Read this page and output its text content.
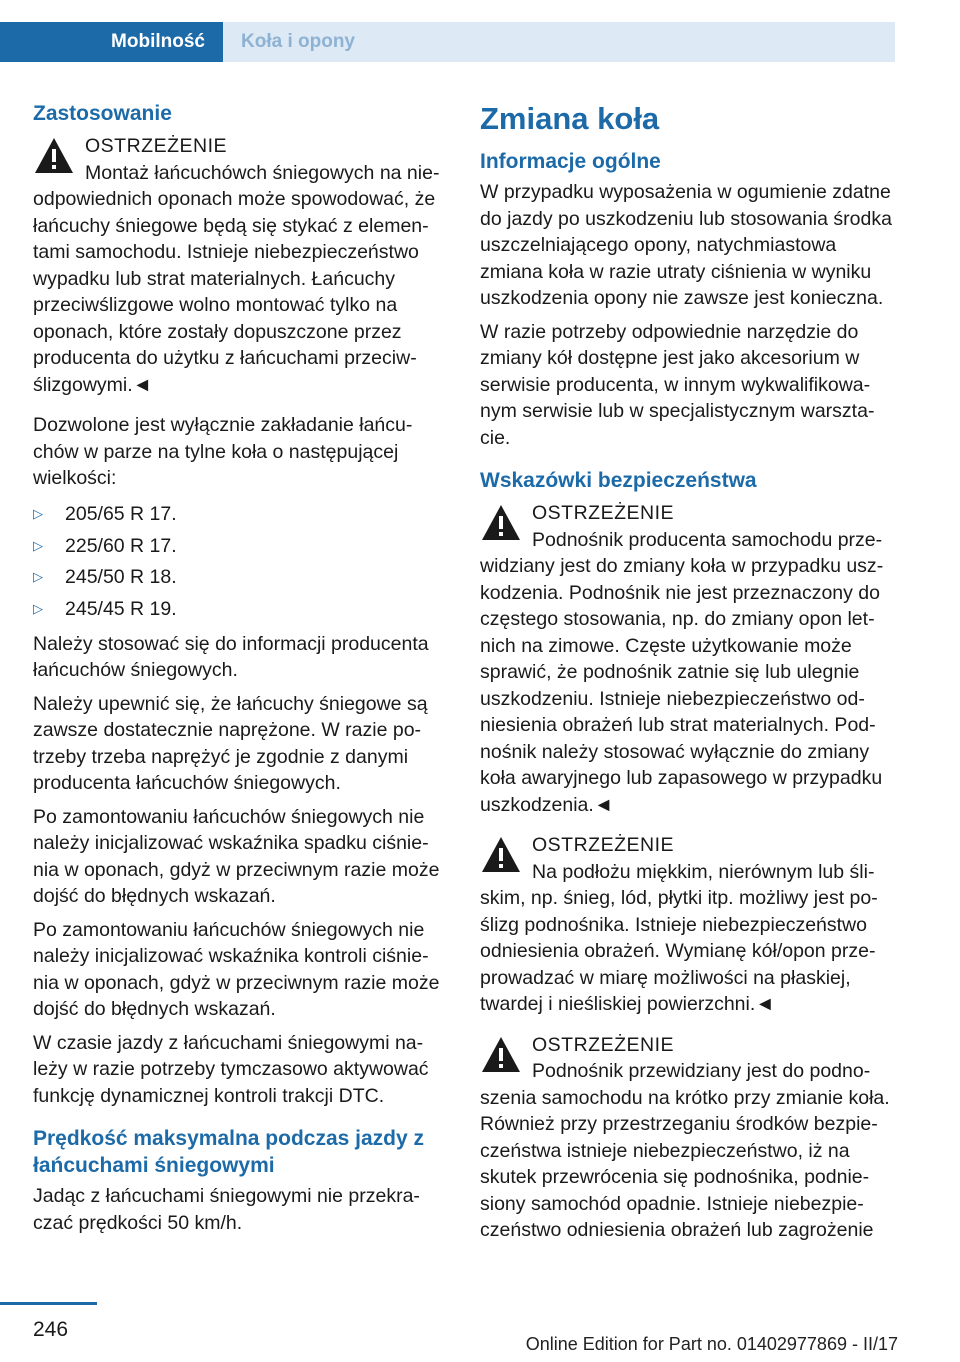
Mobilność	Koła i opony
Zastosowanie
OSTRZEŻENIE
Montaż łańcuchówch śniegowych na nieodpowiednich oponach może spowodować, że łańcuchy śniegowe będą się stykać z elementami samochodu. Istnieje niebezpieczeństwo wypadku lub strat materialnych. Łańcuchy przeciwślizgowe wolno montować tylko na oponach, które zostały dopuszczone przez producenta do użytku z łańcuchami przeciwślizgowymi.◄

Dozwolone jest wyłącznie zakładanie łańcuchów w parze na tylne koła o następującej wielkości:

▷	205/65 R 17.
▷	225/60 R 17.
▷	245/50 R 18.
▷	245/45 R 19.

Należy stosować się do informacji producenta łańcuchów śniegowych.

Należy upewnić się, że łańcuchy śniegowe są zawsze dostatecznie naprężone. W razie potrzeby trzeba naprężyć je zgodnie z danymi producenta łańcuchów śniegowych.

Po zamontowaniu łańcuchów śniegowych nie należy inicjalizować wskaźnika spadku ciśnienia w oponach, gdyż w przeciwnym razie może dojść do błędnych wskazań.

Po zamontowaniu łańcuchów śniegowych nie należy inicjalizować wskaźnika kontroli ciśnienia w oponach, gdyż w przeciwnym razie może dojść do błędnych wskazań.

W czasie jazdy z łańcuchami śniegowymi należy w razie potrzeby tymczasowo aktywować funkcję dynamicznej kontroli trakcji DTC.

Prędkość maksymalna podczas jazdy z łańcuchami śniegowymi

Jadąc z łańcuchami śniegowymi nie przekraczać prędkości 50 km/h.

Zmiana koła
Informacje ogólne

W przypadku wyposażenia w ogumienie zdatne do jazdy po uszkodzeniu lub stosowania środka uszczelniającego opony, natychmiastowa zmiana koła w razie utraty ciśnienia w wyniku uszkodzenia opony nie zawsze jest konieczna.

W razie potrzeby odpowiednie narzędzie do zmiany kół dostępne jest jako akcesorium w serwisie producenta, w innym wykwalifikowanym serwisie lub w specjalistycznym warsztacie.

Wskazówki bezpieczeństwa
OSTRZEŻENIE
Podnośnik producenta samochodu przewidziany jest do zmiany koła w przypadku uszkodzenia. Podnośnik nie jest przeznaczony do częstego stosowania, np. do zmiany opon letnich na zimowe. Częste użytkowanie może sprawić, że podnośnik zatnie się lub ulegnie uszkodzeniu. Istnieje niebezpieczeństwo odniesienia obrażeń lub strat materialnych. Podnośnik należy stosować wyłącznie do zmiany koła awaryjnego lub zapasowego w przypadku uszkodzenia.◄
OSTRZEŻENIE
Na podłożu miękkim, nierównym lub śliskim, np. śnieg, lód, płytki itp. możliwy jest poślizg podnośnika. Istnieje niebezpieczeństwo odniesienia obrażeń. Wymianę kół/opon przeprowadzać w miarę możliwości na płaskiej, twardej i nieśliskiej powierzchni.◄
OSTRZEŻENIE
Podnośnik przewidziany jest do podnoszenia samochodu na krótko przy zmianie koła. Również przy przestrzeganiu środków bezpieczeństwa istnieje niebezpieczeństwo, iż na skutek przewrócenia się podnośnika, podniesiony samochód opadnie. Istnieje niebezpieczeństwo odniesienia obrażeń lub zagrożenie
246
Online Edition for Part no. 01402977869 - II/17
